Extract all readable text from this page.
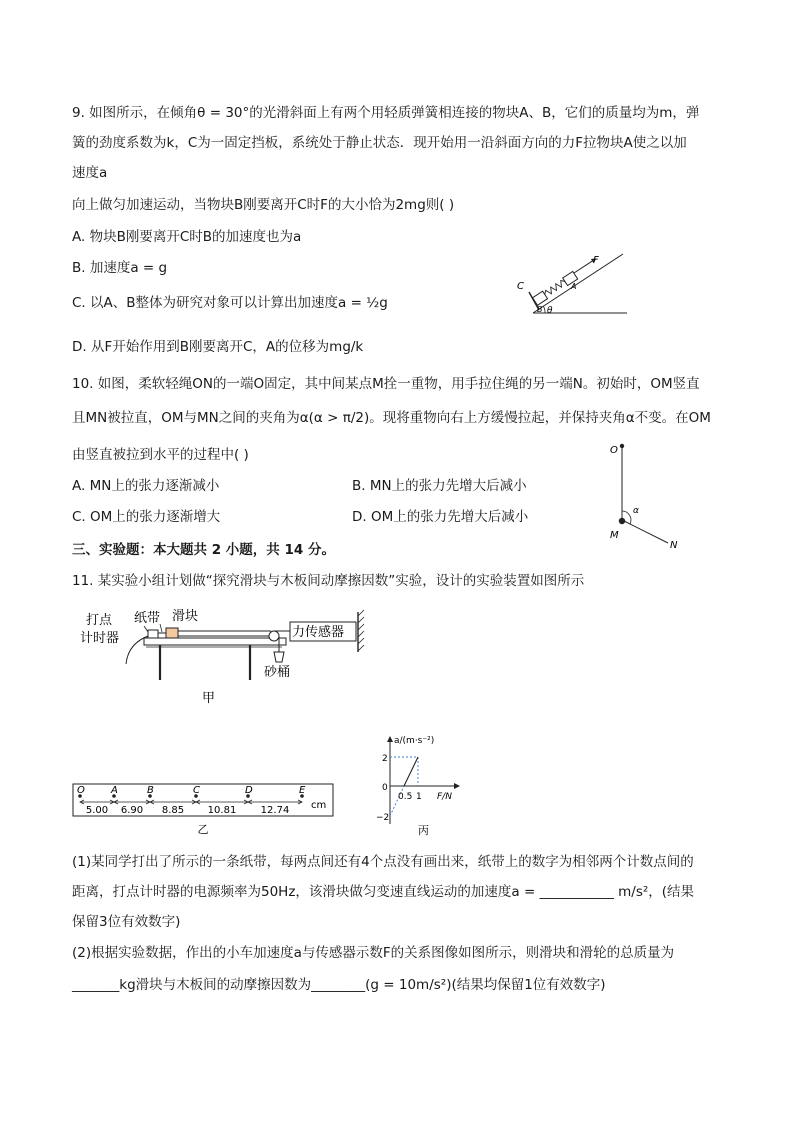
9. 如图所示，在倾角θ = 30°的光滑斜面上有两个用轻质弹簧相连接的物块A、B，它们的质量均为m，弹
簧的劲度系数为k，C为一固定挡板，系统处于静止状态．现开始用一沿斜面方向的力F拉物块A使之以加
速度a
向上做匀加速运动，当物块B刚要离开C时F的大小恰为2mg则( )
A. 物块B刚要离开C时B的加速度也为a
B. 加速度a = g
C. 以A、B整体为研究对象可以计算出加速度a = ½g
D. 从F开始作用到B刚要离开C，A的位移为mg/k
C
B
A
F
θ
10. 如图，柔软轻绳ON的一端O固定，其中间某点M拴一重物，用手拉住绳的另一端N。初始时，OM竖直
且MN被拉直，OM与MN之间的夹角为α(α > π/2)。现将重物向右上方缓慢拉起，并保持夹角α不变。在OM
由竖直被拉到水平的过程中( )
A. MN上的张力逐渐减小	B. MN上的张力先增大后减小
C. OM上的张力逐渐增大	D. OM上的张力先增大后减小
O
M
N
α
三、实验题：本大题共 2 小题，共 14 分。
11. 某实验小组计划做“探究滑块与木板间动摩擦因数”实验，设计的实验装置如图所示
力传感器
打点
计时器
纸带 滑块
砂桶
甲
O	A	B	C	D	E
5.00 6.90 8.85 10.81 12.74 cm
乙
a/(m·s⁻²)
2
0
−2
0.5 1 F/N
丙
(1)某同学打出了所示的一条纸带，每两点间还有4个点没有画出来，纸带上的数字为相邻两个计数点间的
距离，打点计时器的电源频率为50Hz，该滑块做匀变速直线运动的加速度a = ___________ m/s²，(结果
保留3位有效数字)
(2)根据实验数据，作出的小车加速度a与传感器示数F的关系图像如图所示，则滑块和滑轮的总质量为
_______kg滑块与木板间的动摩擦因数为________(g = 10m/s²)(结果均保留1位有效数字)
